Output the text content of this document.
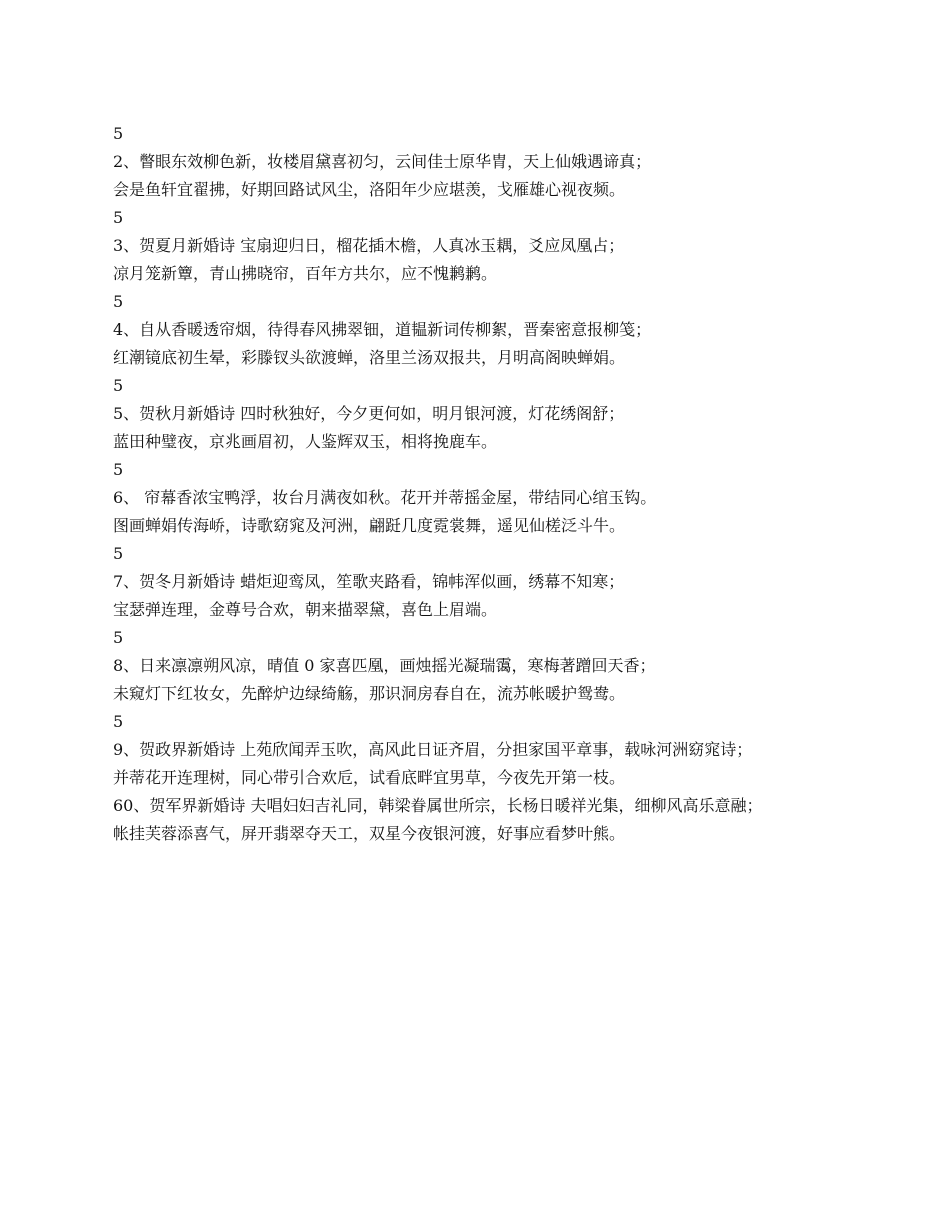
5

2、瞥眼东效柳色新，妆楼眉黛喜初匀，云间佳士原华胄，天上仙娥遇谛真；

会是鱼轩宜翟拂，好期回路试风尘，洛阳年少应堪羡，戈雁雄心视夜频。

5

3、贺夏月新婚诗 宝扇迎归日，榴花插木檐，人真冰玉耦，爻应凤凰占；

凉月笼新簟，青山拂晓帘，百年方共尔，应不愧鹣鹣。

5

4、自从香暖透帘烟，待得春风拂翠钿，道韫新词传柳絮，晋秦密意报柳笺；

红潮镜底初生晕，彩滕钗头欲渡蝉，洛里兰汤双报共，月明高阁映蝉娟。

5

5、贺秋月新婚诗 四时秋独好，今夕更何如，明月银河渡，灯花绣阁舒；

蓝田种璧夜，京兆画眉初，人鉴辉双玉，相将挽鹿车。

5

6、 帘幕香浓宝鸭浮，妆台月满夜如秋。花开并蒂摇金屋，带结同心绾玉钩。

图画蝉娟传海峤，诗歌窈窕及河洲，翩跹几度霓裳舞，遥见仙槎泛斗牛。

5

7、贺冬月新婚诗 蜡炬迎鸾凤，笙歌夹路看，锦帏浑似画，绣幕不知寒；

宝瑟弹连理，金尊号合欢，朝来描翠黛，喜色上眉端。

5

8、日来凛凛朔风凉，晴值 0 家喜匹凰，画烛摇光凝瑞霭，寒梅著蹭回天香；

未窥灯下红妆女，先醉炉边绿绮觞，那识洞房春自在，流苏帐暖护鸳鸯。

5

9、贺政界新婚诗 上苑欣闻弄玉吹，高风此日证齐眉，分担家国平章事，载咏河洲窈窕诗；

并蒂花开连理树，同心带引合欢卮，试看底畔宜男草，今夜先开第一枝。

60、贺军界新婚诗 夫唱妇妇吉礼同，韩梁眷属世所宗，长杨日暖祥光集，细柳风高乐意融；

帐挂芙蓉添喜气，屏开翡翠夺天工，双星今夜银河渡，好事应看梦叶熊。
